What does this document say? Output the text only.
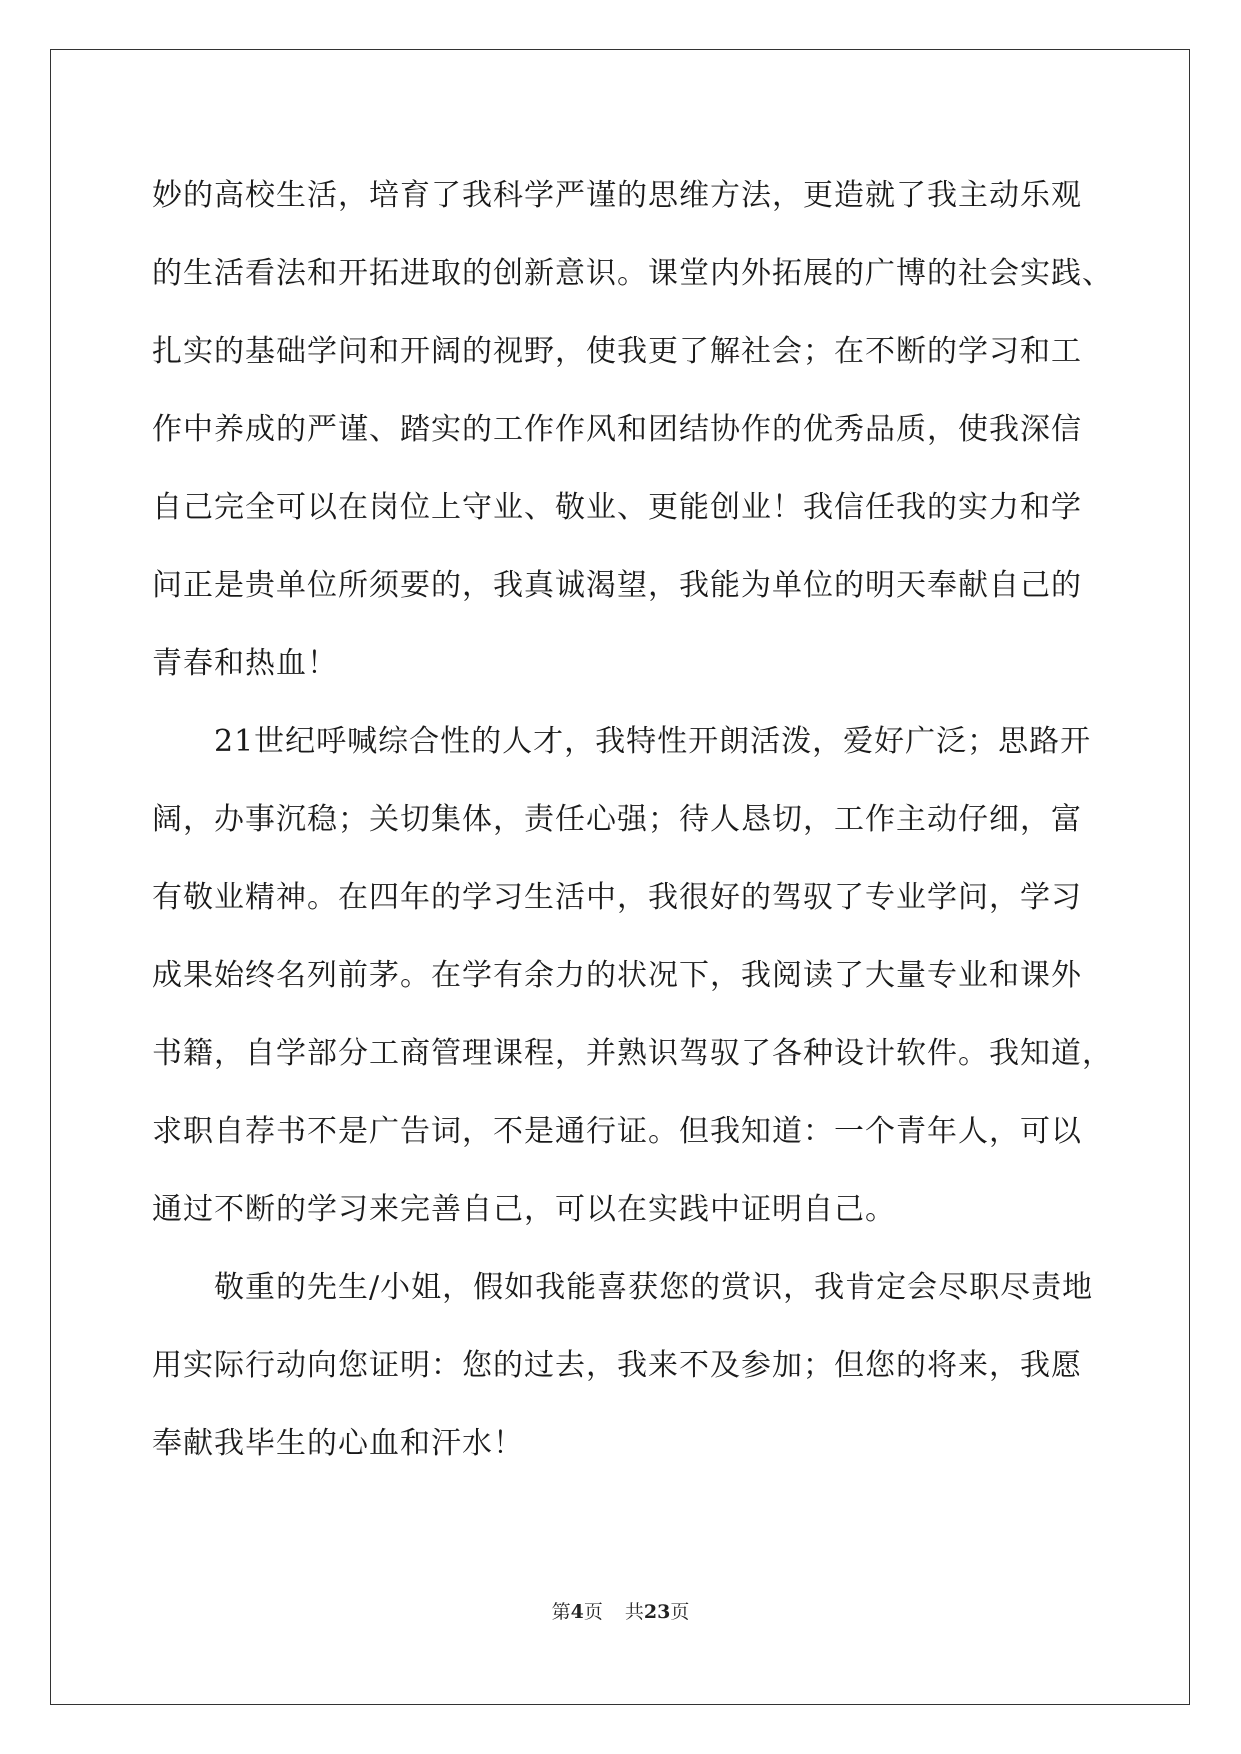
妙的高校生活，培育了我科学严谨的思维方法，更造就了我主动乐观
的生活看法和开拓进取的创新意识。课堂内外拓展的广博的社会实践、
扎实的基础学问和开阔的视野，使我更了解社会；在不断的学习和工
作中养成的严谨、踏实的工作作风和团结协作的优秀品质，使我深信
自己完全可以在岗位上守业、敬业、更能创业！我信任我的实力和学
问正是贵单位所须要的，我真诚渴望，我能为单位的明天奉献自己的
青春和热血！
21世纪呼喊综合性的人才，我特性开朗活泼，爱好广泛；思路开
阔，办事沉稳；关切集体，责任心强；待人恳切，工作主动仔细，富
有敬业精神。在四年的学习生活中，我很好的驾驭了专业学问，学习
成果始终名列前茅。在学有余力的状况下，我阅读了大量专业和课外
书籍，自学部分工商管理课程，并熟识驾驭了各种设计软件。我知道，
求职自荐书不是广告词，不是通行证。但我知道：一个青年人，可以
通过不断的学习来完善自己，可以在实践中证明自己。
敬重的先生/小姐，假如我能喜获您的赏识，我肯定会尽职尽责地
用实际行动向您证明：您的过去，我来不及参加；但您的将来，我愿
奉献我毕生的心血和汗水！
第4页 共23页
